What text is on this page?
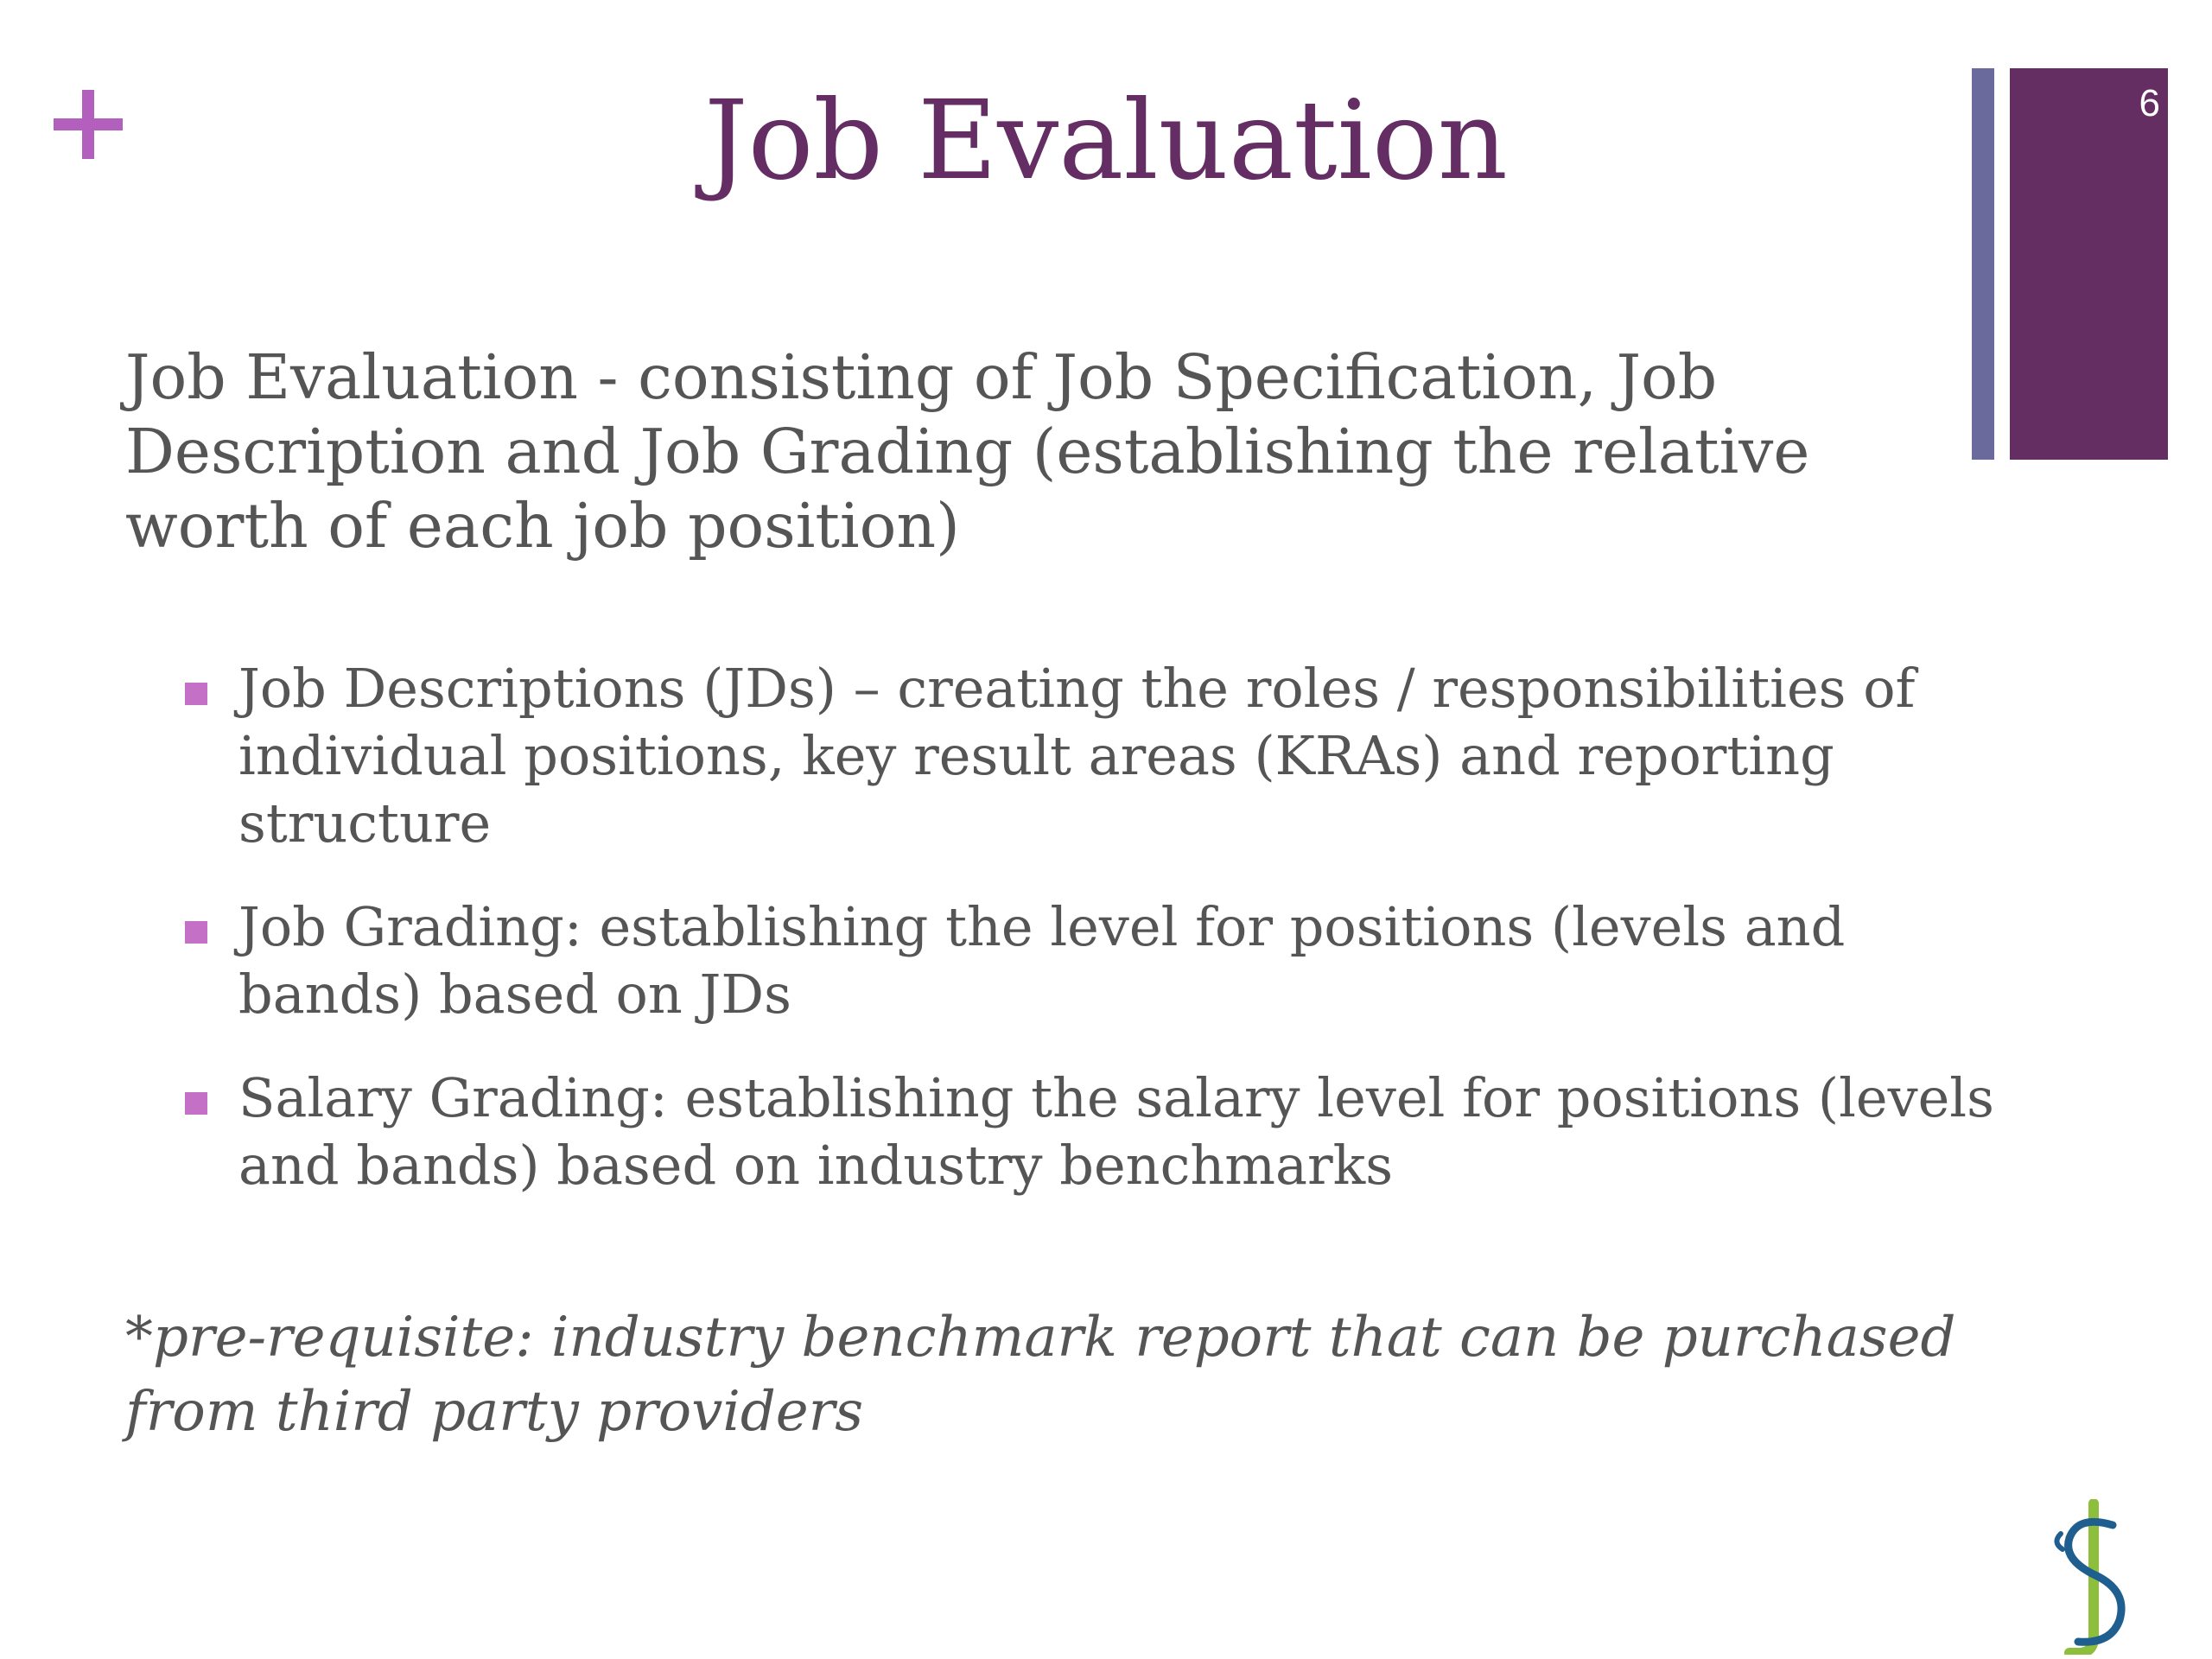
Job Evaluation	6

Job Evaluation - consisting of Job Specification, Job Description and Job Grading (establishing the relative worth of each job position)

Job Descriptions (JDs) – creating the roles / responsibilities of individual positions, key result areas (KRAs) and reporting structure
Job Grading: establishing the level for positions (levels and bands) based on JDs
Salary Grading: establishing the salary level for positions (levels and bands) based on industry benchmarks

*pre-requisite: industry benchmark report that can be purchased from third party providers
